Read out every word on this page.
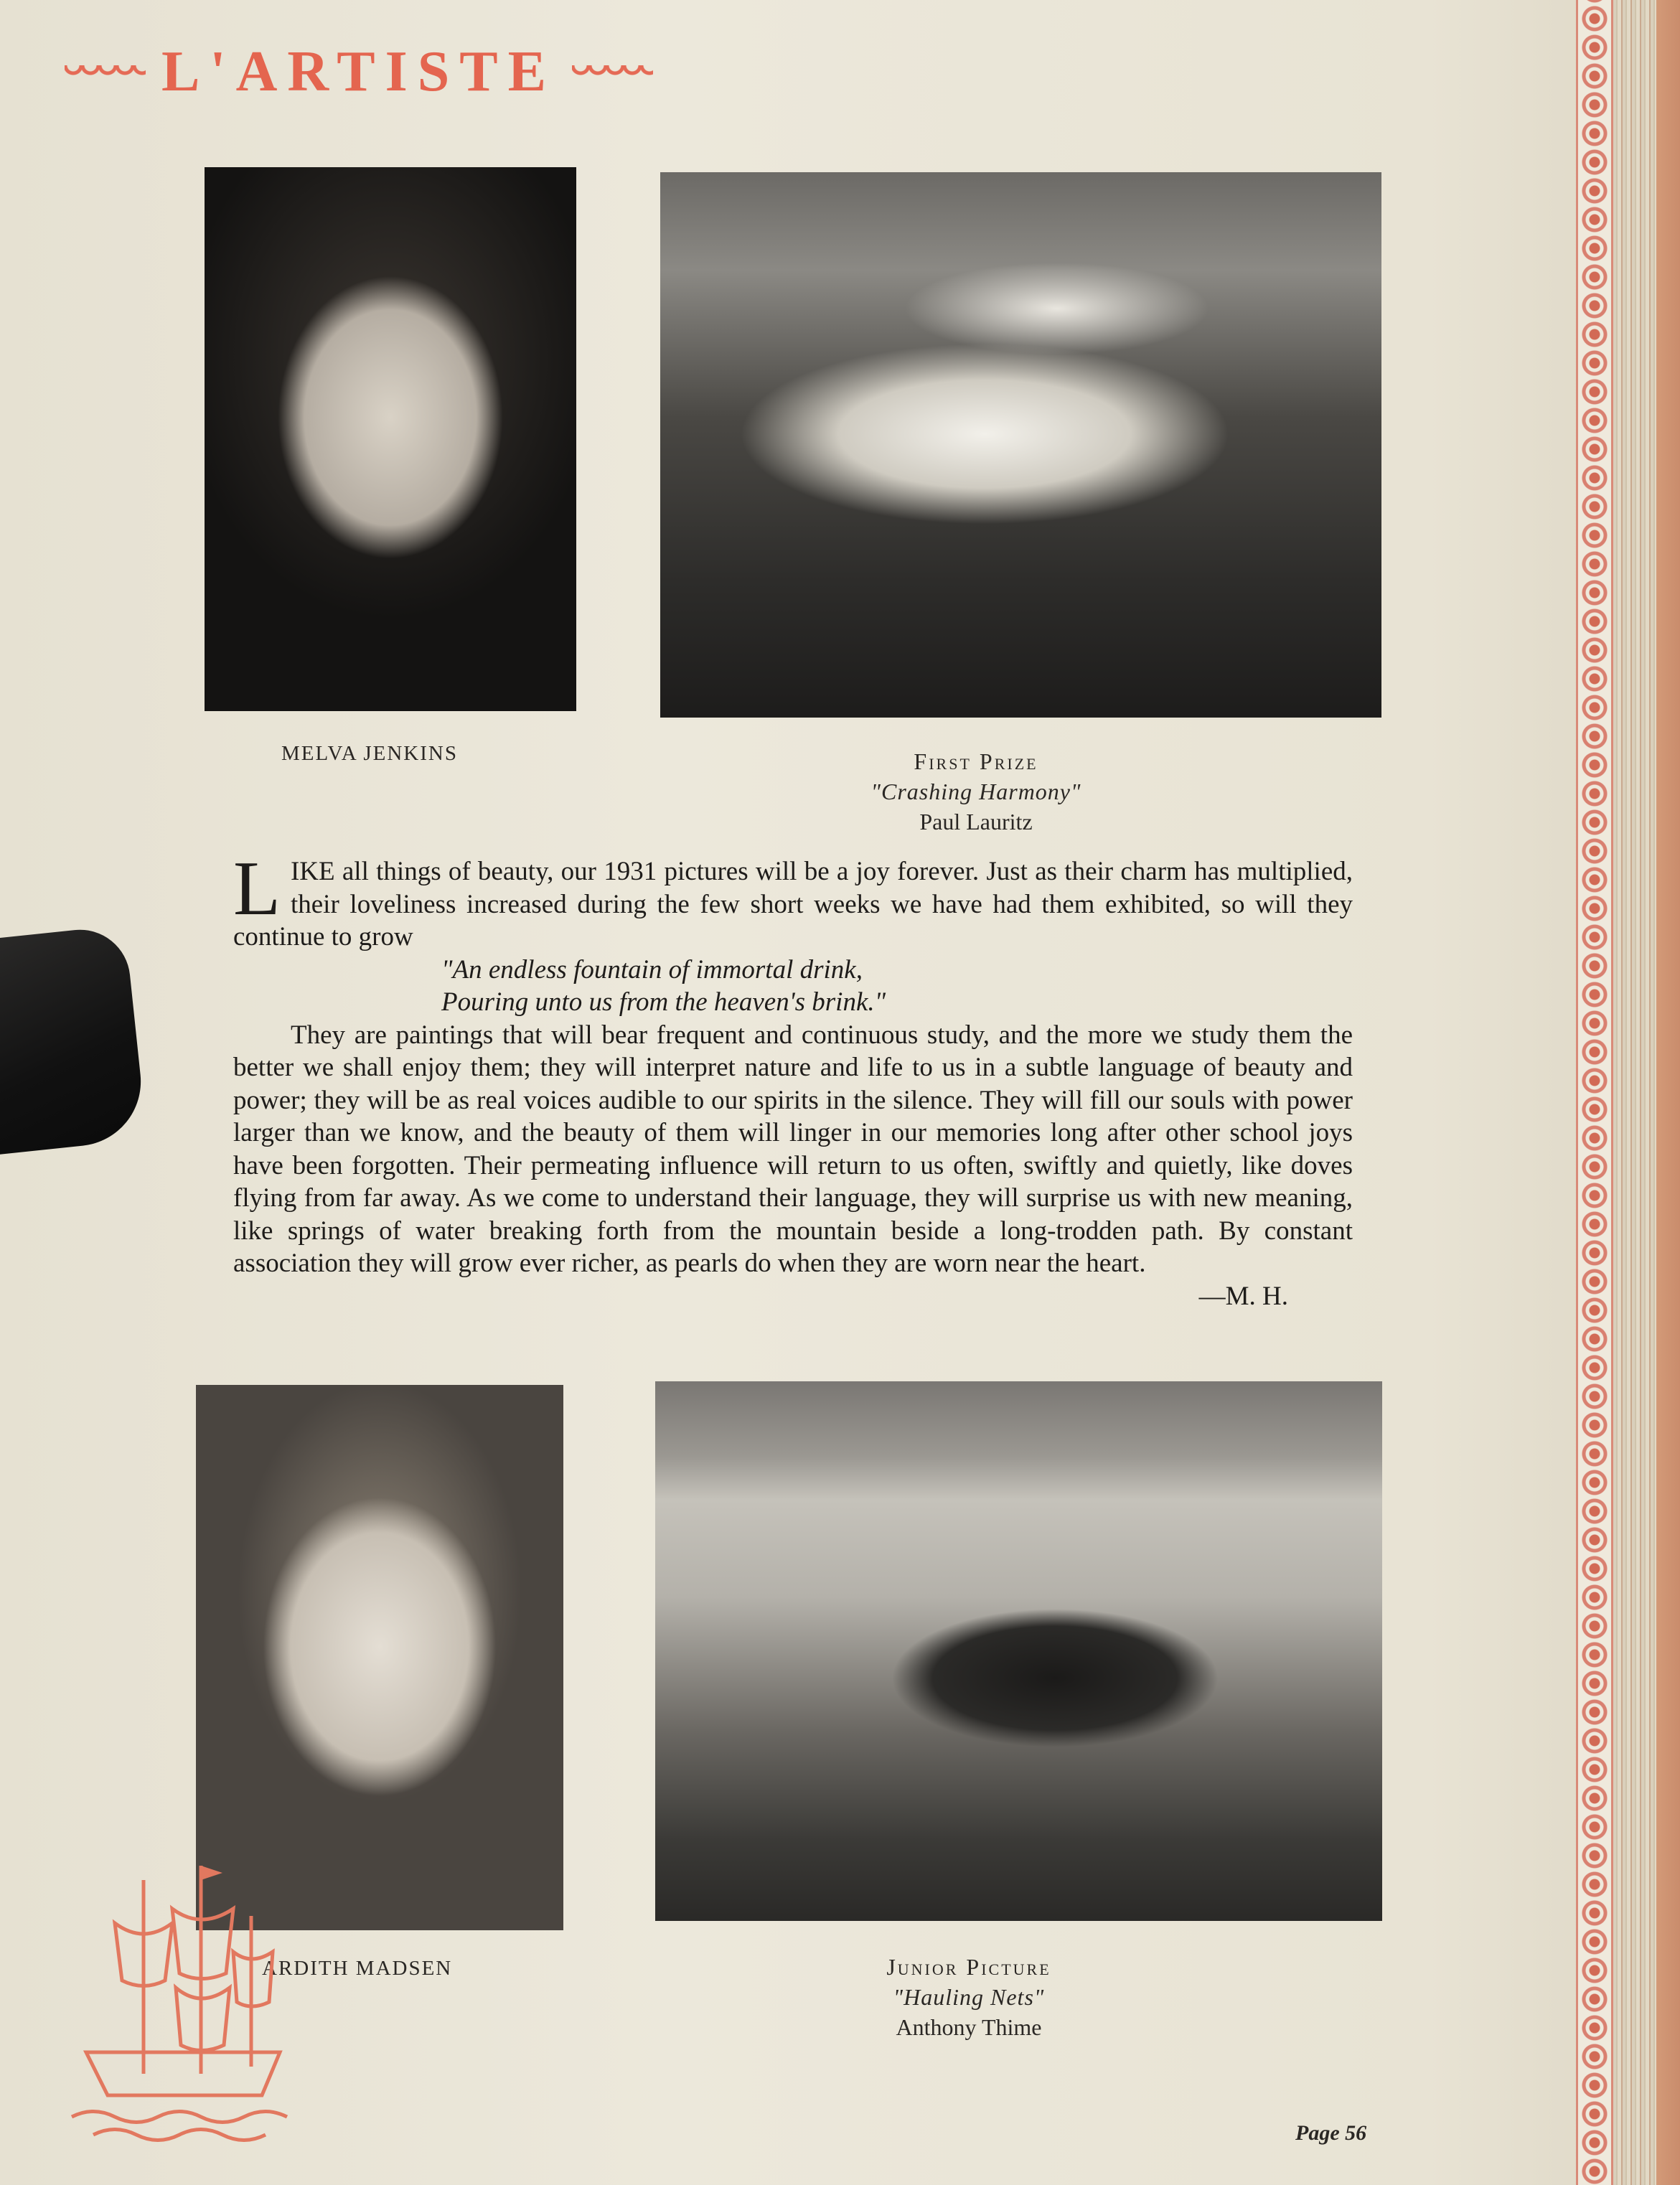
L'ARTISTE
MELVA JENKINS	First Prize
"Crashing Harmony"
Paul Lauritz
LIKE all things of beauty, our 1931 pictures will be a joy forever. Just as their charm has multiplied, their loveliness increased during the few short weeks we have had them exhibited, so will they continue to grow
"An endless fountain of immortal drink,
Pouring unto us from the heaven's brink."
They are paintings that will bear frequent and continuous study, and the more we study them the better we shall enjoy them; they will interpret nature and life to us in a subtle language of beauty and power; they will be as real voices audible to our spirits in the silence. They will fill our souls with power larger than we know, and the beauty of them will linger in our memories long after other school joys have been forgotten. Their permeating influence will return to us often, swiftly and quietly, like doves flying from far away. As we come to understand their language, they will surprise us with new meaning, like springs of water breaking forth from the mountain beside a long-trodden path. By constant association they will grow ever richer, as pearls do when they are worn near the heart.
—M. H.
ARDITH MADSEN	Junior Picture
"Hauling Nets"
Anthony Thime
Page 56
